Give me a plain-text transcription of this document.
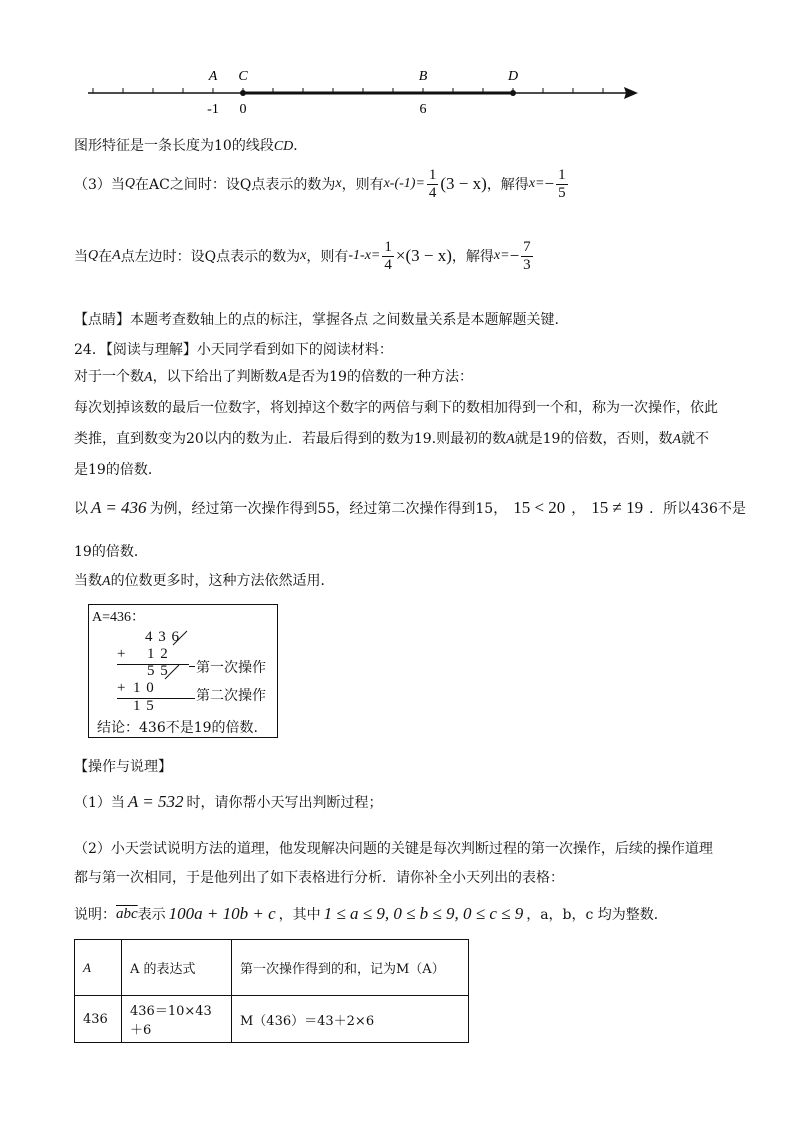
A
-1
C
0
B
6
D
图形特征是一条长度为10的线段CD．
（3）当 Q 在AC之间时：设Q点表示的数为 x ，则有 $x-(-1)= \frac{1}{4} (3 - x)$ ，解得 $x= - \frac{1}{5}$
当 Q 在 A 点左边时：设Q点表示的数为 x ，则有 $-1-x= \frac{1}{4} \times(3 - x)$ ，解得 $x= - \frac{7}{3}$
【点睛】本题考查数轴上的点的标注，掌握各点 之间数量关系是本题解题关键.
24．【阅读与理解】小天同学看到如下的阅读材料：
对于一个数A，以下给出了判断数A是否为19的倍数的一种方法：
每次划掉该数的最后一位数字，将划掉这个数字的两倍与剩下的数相加得到一个和，称为一次操作，依此
类推，直到数变为20以内的数为止．若最后得到的数为19.则最初的数A就是19的倍数，否则，数A就不
是19的倍数．
以 A = 436 为例，经过第一次操作得到55，经过第二次操作得到15， 15 < 20 ， 15 ≠ 19 ．所以436不是
19的倍数．
当数A的位数更多时，这种方法依然适用．
A=436：
4 3 6
+ 1 2
5 5 第一次操作
+ 1 0	第二次操作
1 5
结论：436不是19的倍数.
【操作与说理】
（1）当 A = 532 时，请你帮小天写出判断过程；
（2）小天尝试说明方法的道理，他发现解决问题的关键是每次判断过程的第一次操作，后续的操作道理
都与第一次相同，于是他列出了如下表格进行分析．请你补全小天列出的表格：
说明： $\overline{abc}$ 表示 100a + 10b + c ，其中 1 ≤ a ≤ 9, 0 ≤ b ≤ 9, 0 ≤ c ≤ 9 ，a，b，c 均为整数．
A	A 的表达式	第一次操作得到的和，记为M（A）
436	436＝10×43＋6	M（436）＝43＋2×6
